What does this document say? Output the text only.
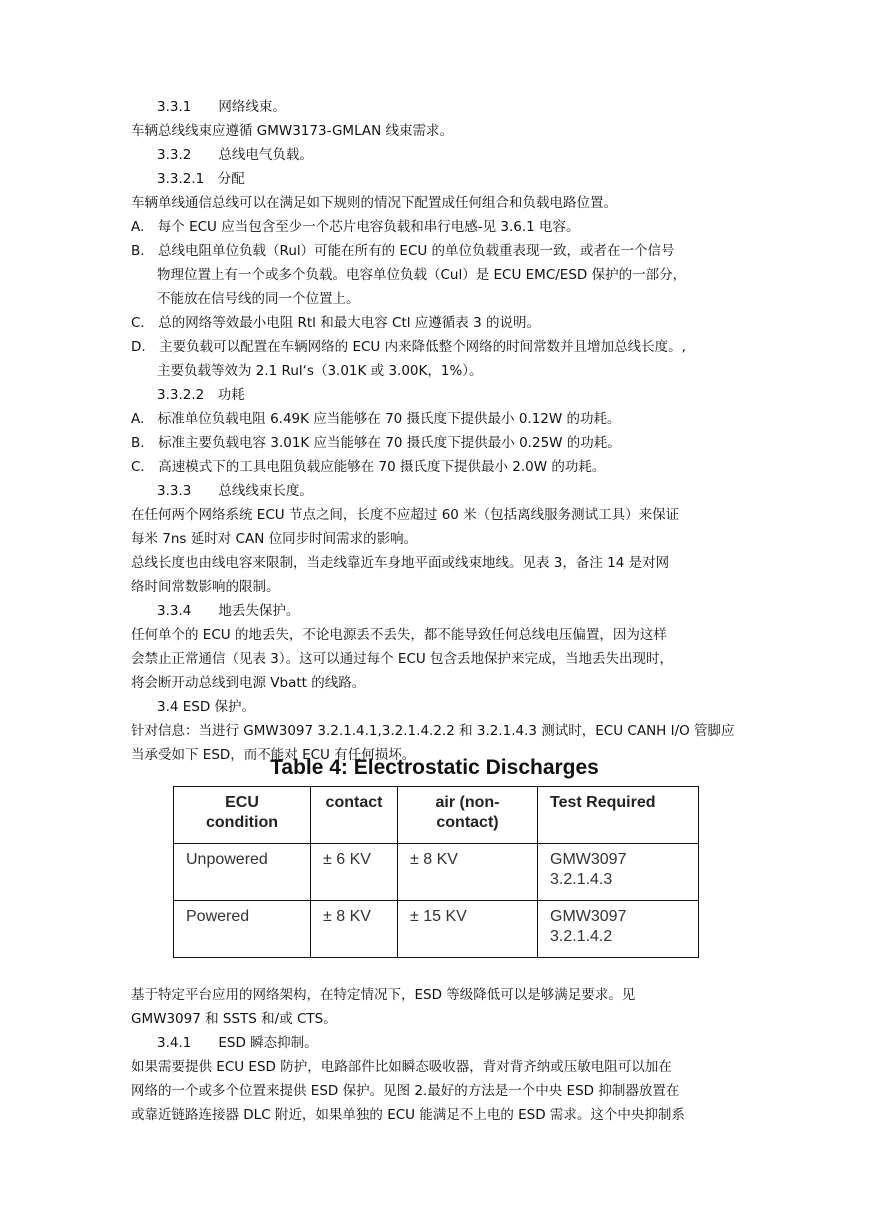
3.3.1　　网络线束。
车辆总线线束应遵循 GMW3173-GMLAN 线束需求。
3.3.2　　总线电气负载。
3.3.2.1　分配
车辆单线通信总线可以在满足如下规则的情况下配置成任何组合和负载电路位置。
A.　每个 ECU 应当包含至少一个芯片电容负载和串行电感-见 3.6.1 电容。
B.　总线电阻单位负载（Rul）可能在所有的 ECU 的单位负载重表现一致，或者在一个信号
物理位置上有一个或多个负载。电容单位负载（Cul）是 ECU EMC/ESD 保护的一部分，
不能放在信号线的同一个位置上。
C.　总的网络等效最小电阻 Rtl 和最大电容 Ctl 应遵循表 3 的说明。
D.　主要负载可以配置在车辆网络的 ECU 内来降低整个网络的时间常数并且增加总线长度。,
主要负载等效为 2.1 Rul‘s（3.01K 或 3.00K，1%）。
3.3.2.2　功耗
A.　标准单位负载电阻 6.49K 应当能够在 70 摄氏度下提供最小 0.12W 的功耗。
B.　标准主要负载电容 3.01K 应当能够在 70 摄氏度下提供最小 0.25W 的功耗。
C.　高速模式下的工具电阻负载应能够在 70 摄氏度下提供最小 2.0W 的功耗。
3.3.3　　总线线束长度。
在任何两个网络系统 ECU 节点之间，长度不应超过 60 米（包括离线服务测试工具）来保证
每米 7ns 延时对 CAN 位同步时间需求的影响。
总线长度也由线电容来限制，当走线靠近车身地平面或线束地线。见表 3，备注 14 是对网
络时间常数影响的限制。
3.3.4　　地丢失保护。
任何单个的 ECU 的地丢失，不论电源丢不丢失，都不能导致任何总线电压偏置，因为这样
会禁止正常通信（见表 3）。这可以通过每个 ECU 包含丢地保护来完成，当地丢失出现时，
将会断开动总线到电源 Vbatt 的线路。
3.4 ESD 保护。
针对信息：当进行 GMW3097 3.2.1.4.1,3.2.1.4.2.2 和 3.2.1.4.3 测试时，ECU CANH I/O 管脚应
当承受如下 ESD，而不能对 ECU 有任何损坏。
基于特定平台应用的网络架构，在特定情况下，ESD 等级降低可以是够满足要求。见
GMW3097 和 SSTS 和/或 CTS。
3.4.1　　ESD 瞬态抑制。
如果需要提供 ECU ESD 防护，电路部件比如瞬态吸收器，背对背齐纳或压敏电阻可以加在
网络的一个或多个位置来提供 ESD 保护。见图 2.最好的方法是一个中央 ESD 抑制器放置在
或靠近链路连接器 DLC 附近，如果单独的 ECU 能满足不上电的 ESD 需求。这个中央抑制系
Table 4: Electrostatic Discharges
ECU
condition	contact	air (non-
contact)	Test Required
Unpowered	± 6 KV	± 8 KV	GMW3097
3.2.1.4.3
Powered	± 8 KV	± 15 KV	GMW3097
3.2.1.4.2
